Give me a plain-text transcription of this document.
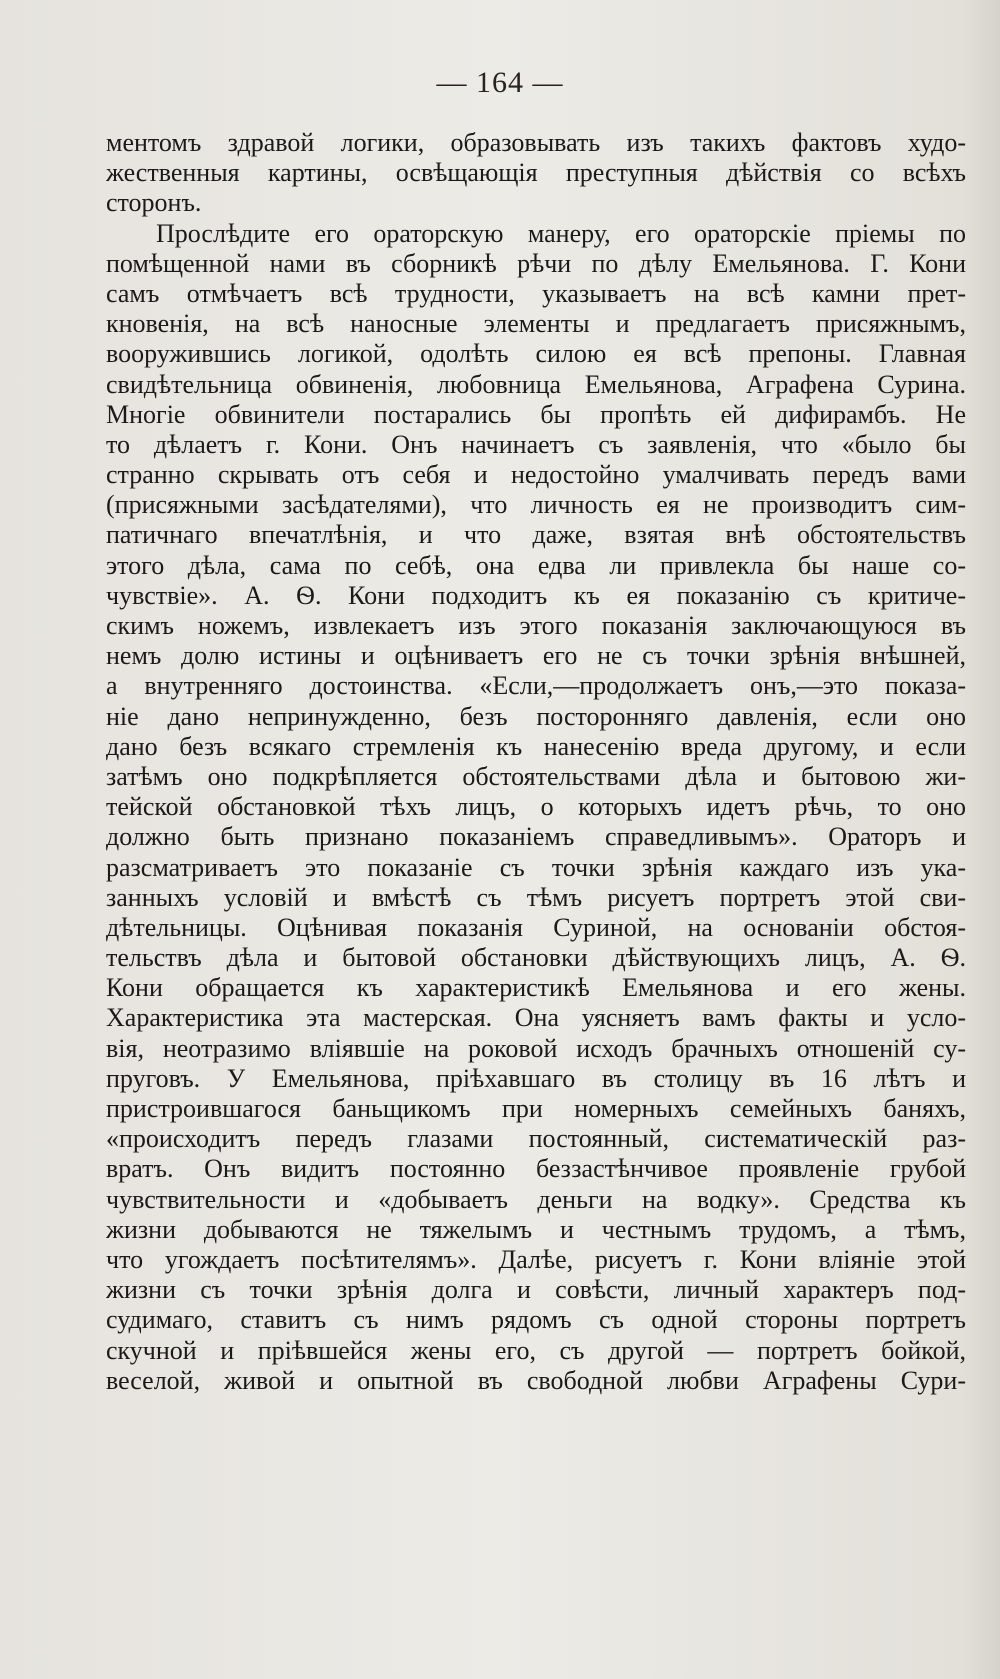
— 164 —
ментомъ здравой логики, образовывать изъ такихъ фактовъ худо-
жественныя картины, освѣщающія преступныя дѣйствія со всѣхъ
сторонъ.
Прослѣдите его ораторскую манеру, его ораторскіе пріемы по
помѣщенной нами въ сборникѣ рѣчи по дѣлу Емельянова. Г. Кони
самъ отмѣчаетъ всѣ трудности, указываетъ на всѣ камни прет-
кновенія, на всѣ наносные элементы и предлагаетъ присяжнымъ,
вооружившись логикой, одолѣть силою ея всѣ препоны. Главная
свидѣтельница обвиненія, любовница Емельянова, Аграфена Сурина.
Многіе обвинители постарались бы пропѣть ей дифирамбъ. Не
то дѣлаетъ г. Кони. Онъ начинаетъ съ заявленія, что «было бы
странно скрывать отъ себя и недостойно умалчивать передъ вами
(присяжными засѣдателями), что личность ея не производитъ сим-
патичнаго впечатлѣнія, и что даже, взятая внѣ обстоятельствъ
этого дѣла, сама по себѣ, она едва ли привлекла бы наше со-
чувствіе». А. Ѳ. Кони подходитъ къ ея показанію съ критиче-
скимъ ножемъ, извлекаетъ изъ этого показанія заключающуюся въ
немъ долю истины и оцѣниваетъ его не съ точки зрѣнія внѣшней,
а внутренняго достоинства. «Если,—продолжаетъ онъ,—это показа-
ніе дано непринужденно, безъ посторонняго давленія, если оно
дано безъ всякаго стремленія къ нанесенію вреда другому, и если
затѣмъ оно подкрѣпляется обстоятельствами дѣла и бытовою жи-
тейской обстановкой тѣхъ лицъ, о которыхъ идетъ рѣчь, то оно
должно быть признано показаніемъ справедливымъ». Ораторъ и
разсматриваетъ это показаніе съ точки зрѣнія каждаго изъ ука-
занныхъ условій и вмѣстѣ съ тѣмъ рисуетъ портретъ этой сви-
дѣтельницы. Оцѣнивая показанія Суриной, на основаніи обстоя-
тельствъ дѣла и бытовой обстановки дѣйствующихъ лицъ, А. Ѳ.
Кони обращается къ характеристикѣ Емельянова и его жены.
Характеристика эта мастерская. Она уясняетъ вамъ факты и усло-
вія, неотразимо вліявшіе на роковой исходъ брачныхъ отношеній су-
пруговъ. У Емельянова, пріѣхавшаго въ столицу въ 16 лѣтъ и
пристроившагося баньщикомъ при номерныхъ семейныхъ баняхъ,
«происходитъ передъ глазами постоянный, систематическій раз-
вратъ. Онъ видитъ постоянно беззастѣнчивое проявленіе грубой
чувствительности и «добываетъ деньги на водку». Средства къ
жизни добываются не тяжелымъ и честнымъ трудомъ, а тѣмъ,
что угождаетъ посѣтителямъ». Далѣе, рисуетъ г. Кони вліяніе этой
жизни съ точки зрѣнія долга и совѣсти, личный характеръ под-
судимаго, ставитъ съ нимъ рядомъ съ одной стороны портретъ
скучной и пріѣвшейся жены его, съ другой — портретъ бойкой,
веселой, живой и опытной въ свободной любви Аграфены Сури-
